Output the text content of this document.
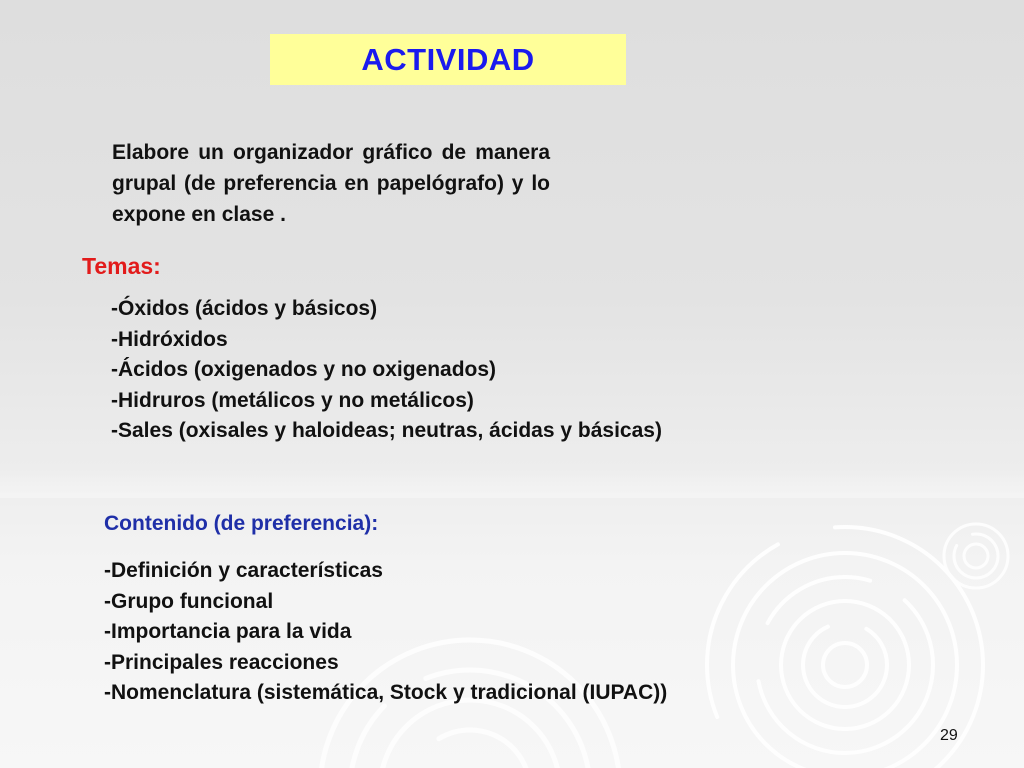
ACTIVIDAD

Elabore un organizador gráfico de manera grupal (de preferencia en papelógrafo) y lo expone en clase .

Temas:

-Óxidos (ácidos y básicos)
-Hidróxidos
-Ácidos (oxigenados y no oxigenados)
-Hidruros (metálicos y no metálicos)
-Sales (oxisales y haloideas; neutras, ácidas y básicas)

Contenido (de preferencia):

-Definición y características
-Grupo funcional
-Importancia para la vida
-Principales reacciones
-Nomenclatura (sistemática, Stock y tradicional (IUPAC))
29
